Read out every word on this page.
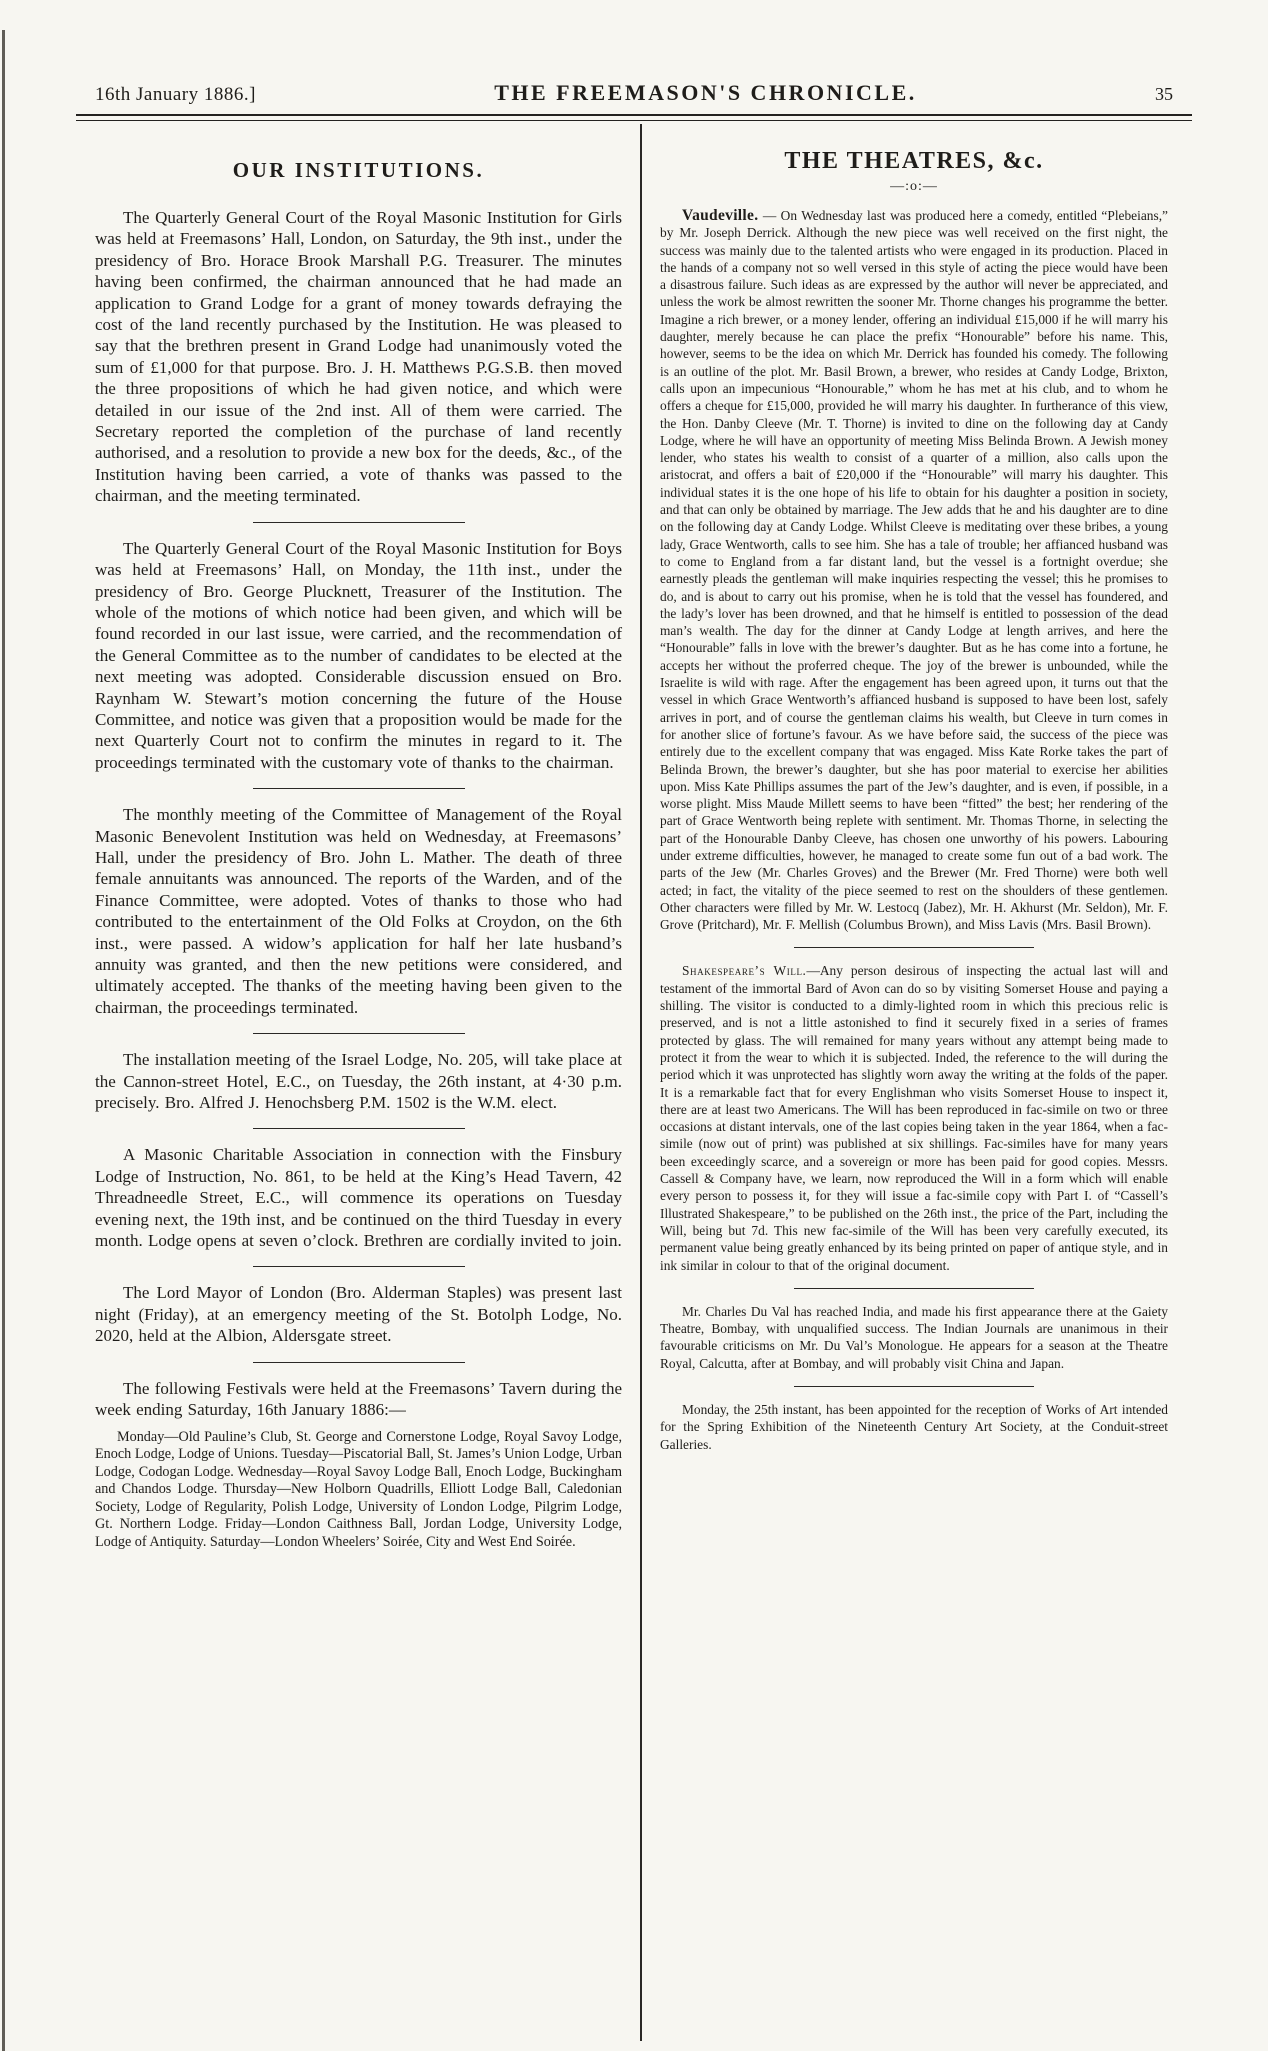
16th January 1886.]	THE FREEMASON'S CHRONICLE.	35
OUR INSTITUTIONS.

The Quarterly General Court of the Royal Masonic Institution for Girls was held at Freemasons’ Hall, London, on Saturday, the 9th inst., under the presidency of Bro. Horace Brook Marshall P.G. Treasurer. The minutes having been confirmed, the chairman announced that he had made an application to Grand Lodge for a grant of money towards defraying the cost of the land recently purchased by the Institution. He was pleased to say that the brethren present in Grand Lodge had unanimously voted the sum of £1,000 for that purpose. Bro. J. H. Matthews P.G.S.B. then moved the three propositions of which he had given notice, and which were detailed in our issue of the 2nd inst. All of them were carried. The Secretary reported the completion of the purchase of land recently authorised, and a resolution to provide a new box for the deeds, &c., of the Institution having been carried, a vote of thanks was passed to the chairman, and the meeting terminated.

The Quarterly General Court of the Royal Masonic Institution for Boys was held at Freemasons’ Hall, on Monday, the 11th inst., under the presidency of Bro. George Plucknett, Treasurer of the Institution. The whole of the motions of which notice had been given, and which will be found recorded in our last issue, were carried, and the recommendation of the General Committee as to the number of candidates to be elected at the next meeting was adopted. Considerable discussion ensued on Bro. Raynham W. Stewart’s motion concerning the future of the House Committee, and notice was given that a proposition would be made for the next Quarterly Court not to confirm the minutes in regard to it. The proceedings terminated with the customary vote of thanks to the chairman.

The monthly meeting of the Committee of Management of the Royal Masonic Benevolent Institution was held on Wednesday, at Freemasons’ Hall, under the presidency of Bro. John L. Mather. The death of three female annuitants was announced. The reports of the Warden, and of the Finance Committee, were adopted. Votes of thanks to those who had contributed to the entertainment of the Old Folks at Croydon, on the 6th inst., were passed. A widow’s application for half her late husband’s annuity was granted, and then the new petitions were considered, and ultimately accepted. The thanks of the meeting having been given to the chairman, the proceedings terminated.

The installation meeting of the Israel Lodge, No. 205, will take place at the Cannon-street Hotel, E.C., on Tuesday, the 26th instant, at 4·30 p.m. precisely. Bro. Alfred J. Henochsberg P.M. 1502 is the W.M. elect.

A Masonic Charitable Association in connection with the Finsbury Lodge of Instruction, No. 861, to be held at the King’s Head Tavern, 42 Threadneedle Street, E.C., will commence its operations on Tuesday evening next, the 19th inst, and be continued on the third Tuesday in every month. Lodge opens at seven o’clock. Brethren are cordially invited to join.

The Lord Mayor of London (Bro. Alderman Staples) was present last night (Friday), at an emergency meeting of the St. Botolph Lodge, No. 2020, held at the Albion, Aldersgate street.

The following Festivals were held at the Freemasons’ Tavern during the week ending Saturday, 16th January 1886:—

Monday—Old Pauline’s Club, St. George and Cornerstone Lodge, Royal Savoy Lodge, Enoch Lodge, Lodge of Unions. Tuesday—Piscatorial Ball, St. James’s Union Lodge, Urban Lodge, Codogan Lodge. Wednesday—Royal Savoy Lodge Ball, Enoch Lodge, Buckingham and Chandos Lodge. Thursday—New Holborn Quadrills, Elliott Lodge Ball, Caledonian Society, Lodge of Regularity, Polish Lodge, University of London Lodge, Pilgrim Lodge, Gt. Northern Lodge. Friday—London Caithness Ball, Jordan Lodge, University Lodge, Lodge of Antiquity. Saturday—London Wheelers’ Soirée, City and West End Soirée.

THE THEATRES, &c.
—:o:—

Vaudeville. — On Wednesday last was produced here a comedy, entitled “Plebeians,” by Mr. Joseph Derrick. Although the new piece was well received on the first night, the success was mainly due to the talented artists who were engaged in its production. Placed in the hands of a company not so well versed in this style of acting the piece would have been a disastrous failure. Such ideas as are expressed by the author will never be appreciated, and unless the work be almost rewritten the sooner Mr. Thorne changes his programme the better. Imagine a rich brewer, or a money lender, offering an individual £15,000 if he will marry his daughter, merely because he can place the prefix “Honourable” before his name. This, however, seems to be the idea on which Mr. Derrick has founded his comedy. The following is an outline of the plot. Mr. Basil Brown, a brewer, who resides at Candy Lodge, Brixton, calls upon an impecunious “Honourable,” whom he has met at his club, and to whom he offers a cheque for £15,000, provided he will marry his daughter. In furtherance of this view, the Hon. Danby Cleeve (Mr. T. Thorne) is invited to dine on the following day at Candy Lodge, where he will have an opportunity of meeting Miss Belinda Brown. A Jewish money lender, who states his wealth to consist of a quarter of a million, also calls upon the aristocrat, and offers a bait of £20,000 if the “Honourable” will marry his daughter. This individual states it is the one hope of his life to obtain for his daughter a position in society, and that can only be obtained by marriage. The Jew adds that he and his daughter are to dine on the following day at Candy Lodge. Whilst Cleeve is meditating over these bribes, a young lady, Grace Wentworth, calls to see him. She has a tale of trouble; her affianced husband was to come to England from a far distant land, but the vessel is a fortnight overdue; she earnestly pleads the gentleman will make inquiries respecting the vessel; this he promises to do, and is about to carry out his promise, when he is told that the vessel has foundered, and the lady’s lover has been drowned, and that he himself is entitled to possession of the dead man’s wealth. The day for the dinner at Candy Lodge at length arrives, and here the “Honourable” falls in love with the brewer’s daughter. But as he has come into a fortune, he accepts her without the proferred cheque. The joy of the brewer is unbounded, while the Israelite is wild with rage. After the engagement has been agreed upon, it turns out that the vessel in which Grace Wentworth’s affianced husband is supposed to have been lost, safely arrives in port, and of course the gentleman claims his wealth, but Cleeve in turn comes in for another slice of fortune’s favour. As we have before said, the success of the piece was entirely due to the excellent company that was engaged. Miss Kate Rorke takes the part of Belinda Brown, the brewer’s daughter, but she has poor material to exercise her abilities upon. Miss Kate Phillips assumes the part of the Jew’s daughter, and is even, if possible, in a worse plight. Miss Maude Millett seems to have been “fitted” the best; her rendering of the part of Grace Wentworth being replete with sentiment. Mr. Thomas Thorne, in selecting the part of the Honourable Danby Cleeve, has chosen one unworthy of his powers. Labouring under extreme difficulties, however, he managed to create some fun out of a bad work. The parts of the Jew (Mr. Charles Groves) and the Brewer (Mr. Fred Thorne) were both well acted; in fact, the vitality of the piece seemed to rest on the shoulders of these gentlemen. Other characters were filled by Mr. W. Lestocq (Jabez), Mr. H. Akhurst (Mr. Seldon), Mr. F. Grove (Pritchard), Mr. F. Mellish (Columbus Brown), and Miss Lavis (Mrs. Basil Brown).

Shakespeare’s Will.—Any person desirous of inspecting the actual last will and testament of the immortal Bard of Avon can do so by visiting Somerset House and paying a shilling. The visitor is conducted to a dimly-lighted room in which this precious relic is preserved, and is not a little astonished to find it securely fixed in a series of frames protected by glass. The will remained for many years without any attempt being made to protect it from the wear to which it is subjected. Inded, the reference to the will during the period which it was unprotected has slightly worn away the writing at the folds of the paper. It is a remarkable fact that for every Englishman who visits Somerset House to inspect it, there are at least two Americans. The Will has been reproduced in fac-simile on two or three occasions at distant intervals, one of the last copies being taken in the year 1864, when a fac-simile (now out of print) was published at six shillings. Fac-similes have for many years been exceedingly scarce, and a sovereign or more has been paid for good copies. Messrs. Cassell & Company have, we learn, now reproduced the Will in a form which will enable every person to possess it, for they will issue a fac-simile copy with Part I. of “Cassell’s Illustrated Shakespeare,” to be published on the 26th inst., the price of the Part, including the Will, being but 7d. This new fac-simile of the Will has been very carefully executed, its permanent value being greatly enhanced by its being printed on paper of antique style, and in ink similar in colour to that of the original document.

Mr. Charles Du Val has reached India, and made his first appearance there at the Gaiety Theatre, Bombay, with unqualified success. The Indian Journals are unanimous in their favourable criticisms on Mr. Du Val’s Monologue. He appears for a season at the Theatre Royal, Calcutta, after at Bombay, and will probably visit China and Japan.

Monday, the 25th instant, has been appointed for the reception of Works of Art intended for the Spring Exhibition of the Nineteenth Century Art Society, at the Conduit-street Galleries.
